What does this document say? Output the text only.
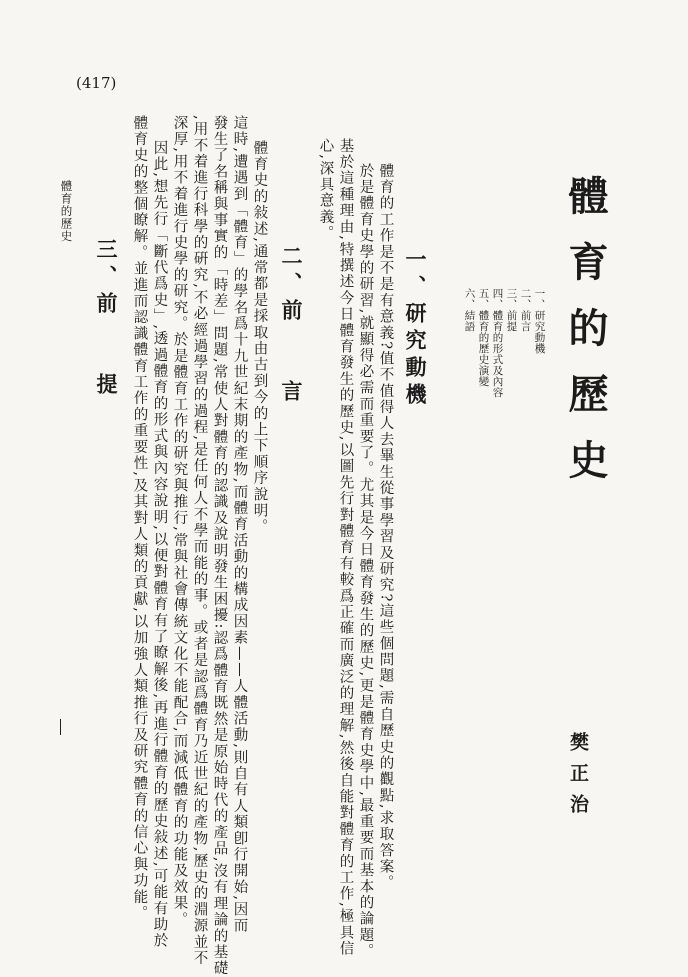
(417)
體育的歷史
一、研究動機
二、前言
三、前提
四、體育的形式及內容
五、體育的歷史演變
六、結語
樊正治
一、研究動機
體育的工作是不是有意義?值不值得人去畢生從事學習及研究?這些個問題,需自歷史的觀點,求取答案。
於是體育史學的研習,就顯得必需而重要了。尤其是今日體育發生的歷史,更是體育史學中,最重要而基本的論題。
基於這種理由,特撰述今日體育發生的歷史,以圖先行對體育有較爲正確而廣泛的理解,然後自能對體育的工作,極具信
心,深具意義。
二、前　　言
體育史的敍述,通常都是採取由古到今的上下順序說明。
這時,遭遇到「體育」的學名爲十九世紀末期的產物,而體育活動的構成因素——人體活動,則自有人類卽行開始,因而
發生了名稱與事實的「時差」問題,常使人對體育的認識及說明發生困擾:認爲體育既然是原始時代的產品,沒有理論的基礎
,用不着進行科學的硏究,不必經過學習的過程,是任何人不學而能的事。或者是認爲體育乃近世紀的產物,歷史的淵源並不
深厚,用不着進行史學的研究。於是體育工作的研究與推行,常與社會傳統文化不能配合,而減低體育的功能及效果。
因此,想先行「斷代爲史」,透過體育的形式與內容說明,以便對體育有了瞭解後,再進行體育的歷史敍述,可能有助於
體育史的整個瞭解。並進而認識體育工作的重要性,及其對人類的貢獻,以加強人類推行及研究體育的信心與功能。
三、前　　提
體育的歷史
